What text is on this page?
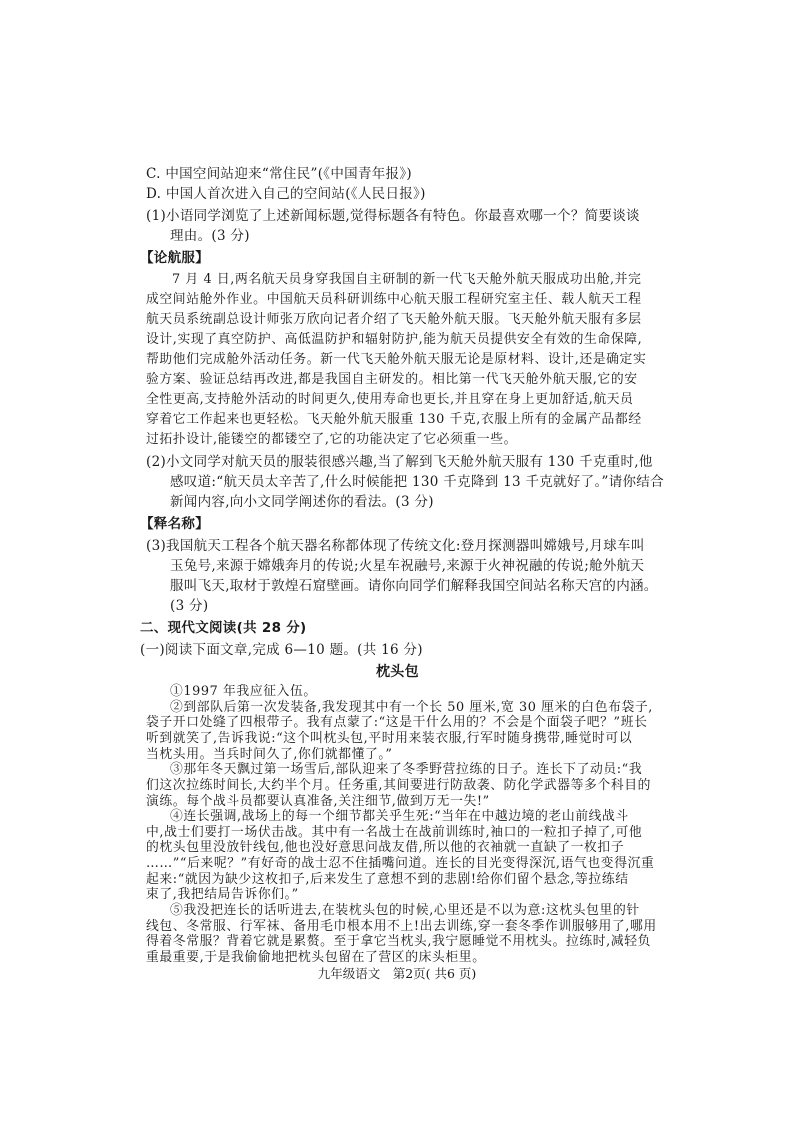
C. 中国空间站迎来“常住民”(《中国青年报》)
D. 中国人首次进入自己的空间站(《人民日报》)
(1)小语同学浏览了上述新闻标题,觉得标题各有特色。你最喜欢哪一个？简要谈谈
理由。(3 分)
【论航服】
7 月 4 日,两名航天员身穿我国自主研制的新一代飞天舱外航天服成功出舱,并完
成空间站舱外作业。中国航天员科研训练中心航天服工程研究室主任、载人航天工程
航天员系统副总设计师张万欣向记者介绍了飞天舱外航天服。飞天舱外航天服有多层
设计,实现了真空防护、高低温防护和辐射防护,能为航天员提供安全有效的生命保障,
帮助他们完成舱外活动任务。新一代飞天舱外航天服无论是原材料、设计,还是确定实
验方案、验证总结再改进,都是我国自主研发的。相比第一代飞天舱外航天服,它的安
全性更高,支持舱外活动的时间更久,使用寿命也更长,并且穿在身上更加舒适,航天员
穿着它工作起来也更轻松。飞天舱外航天服重 130 千克,衣服上所有的金属产品都经
过拓扑设计,能镂空的都镂空了,它的功能决定了它必须重一些。
(2)小文同学对航天员的服装很感兴趣,当了解到飞天舱外航天服有 130 千克重时,他
感叹道:“航天员太辛苦了,什么时候能把 130 千克降到 13 千克就好了。”请你结合
新闻内容,向小文同学阐述你的看法。(3 分)
【释名称】
(3)我国航天工程各个航天器名称都体现了传统文化:登月探测器叫嫦娥号,月球车叫
玉兔号,来源于嫦娥奔月的传说;火星车祝融号,来源于火神祝融的传说;舱外航天
服叫飞天,取材于敦煌石窟壁画。请你向同学们解释我国空间站名称天宫的内涵。
(3 分)
二、现代文阅读(共 28 分)
(一)阅读下面文章,完成 6—10 题。(共 16 分)
枕头包
九年级语文　第2页( 共6 页)
①1997 年我应征入伍。
②到部队后第一次发装备,我发现其中有一个长 50 厘米,宽 30 厘米的白色布袋子,
袋子开口处缝了四根带子。我有点蒙了:“这是干什么用的？不会是个面袋子吧？”班长
听到就笑了,告诉我说:“这个叫枕头包,平时用来装衣服,行军时随身携带,睡觉时可以
当枕头用。当兵时间久了,你们就都懂了。”
③那年冬天飘过第一场雪后,部队迎来了冬季野营拉练的日子。连长下了动员:“我
们这次拉练时间长,大约半个月。任务重,其间要进行防敌袭、防化学武器等多个科目的
演练。每个战斗员都要认真准备,关注细节,做到万无一失!”
④连长强调,战场上的每一个细节都关乎生死:“当年在中越边境的老山前线战斗
中,战士们要打一场伏击战。其中有一名战士在战前训练时,袖口的一粒扣子掉了,可他
的枕头包里没放针线包,他也没好意思问战友借,所以他的衣袖就一直缺了一枚扣子
……”“后来呢？”有好奇的战士忍不住插嘴问道。连长的目光变得深沉,语气也变得沉重
起来:“就因为缺少这枚扣子,后来发生了意想不到的悲剧!给你们留个悬念,等拉练结
束了,我把结局告诉你们。”
⑤我没把连长的话听进去,在装枕头包的时候,心里还是不以为意:这枕头包里的针
线包、冬常服、行军袜、备用毛巾根本用不上!出去训练,穿一套冬季作训服够用了,哪用
得着冬常服？背着它就是累赘。至于拿它当枕头,我宁愿睡觉不用枕头。拉练时,减轻负
重最重要,于是我偷偷地把枕头包留在了营区的床头柜里。
